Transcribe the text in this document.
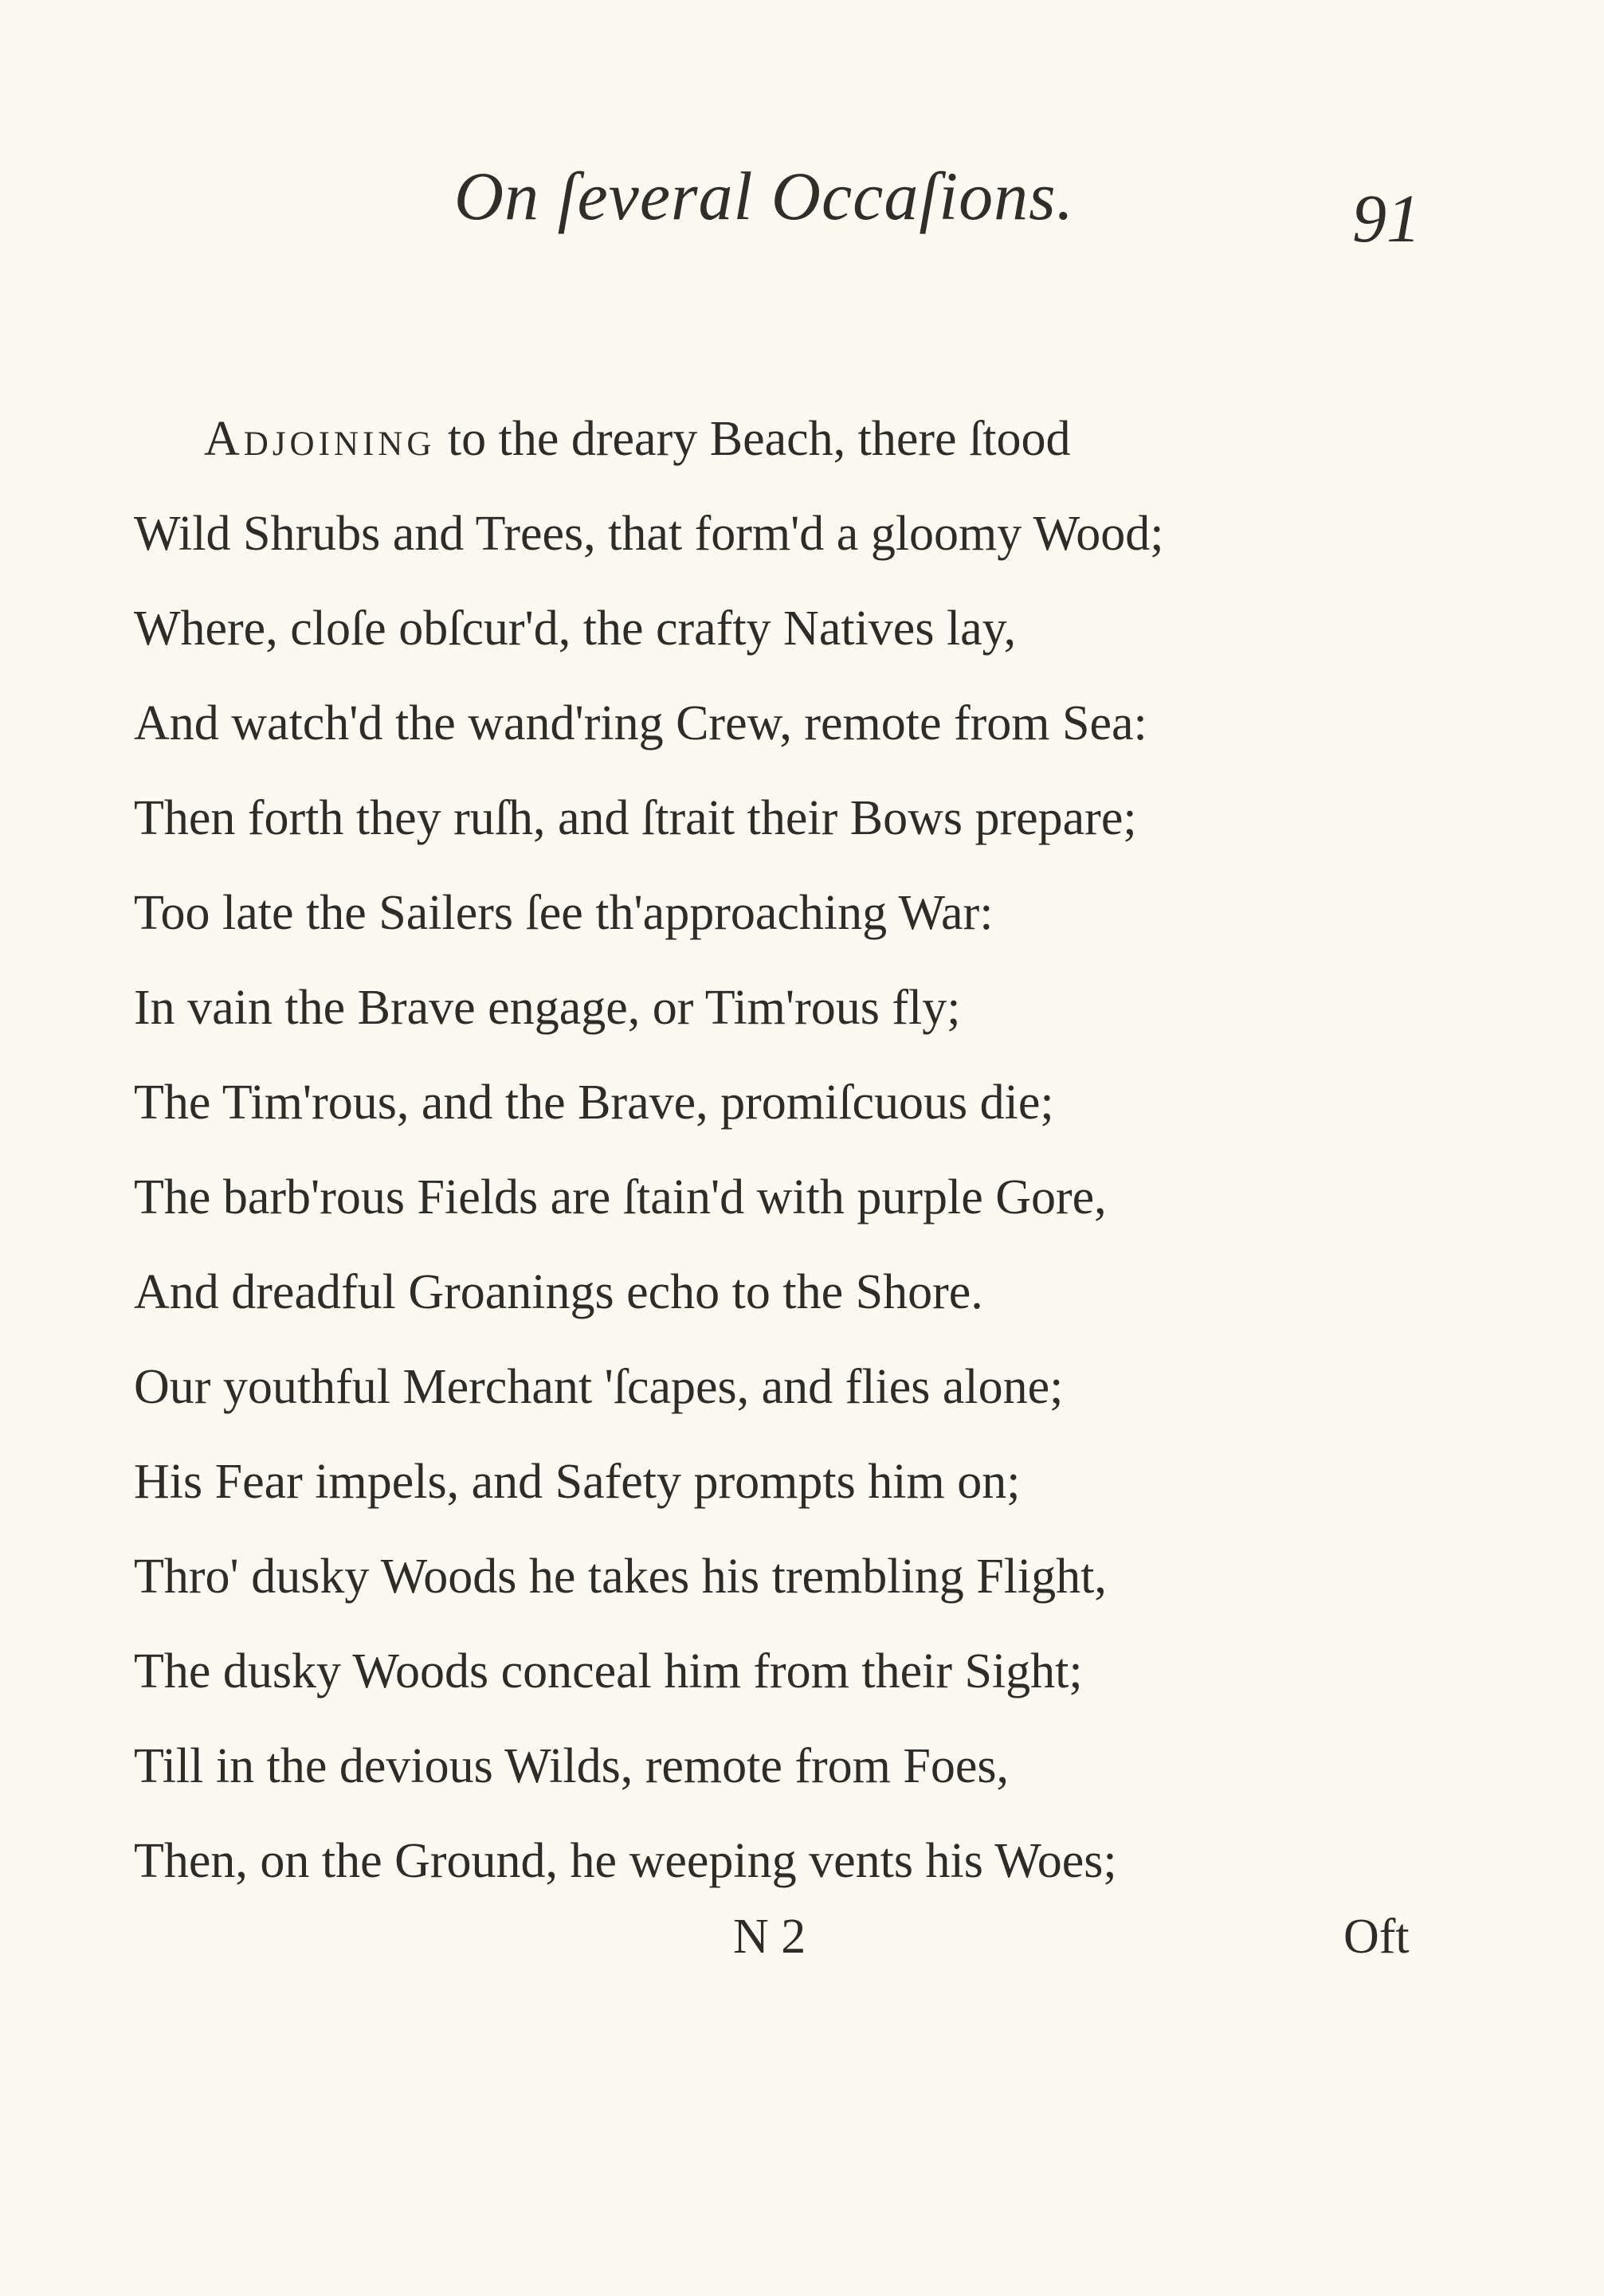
On ſeveral Occaſions.	91
Adjoining to the dreary Beach, there ſtood
Wild Shrubs and Trees, that form'd a gloomy Wood;
Where, cloſe obſcur'd, the crafty Natives lay,
And watch'd the wand'ring Crew, remote from Sea:
Then forth they ruſh, and ſtrait their Bows prepare;
Too late the Sailers ſee th'approaching War:
In vain the Brave engage, or Tim'rous fly;
The Tim'rous, and the Brave, promiſcuous die;
The barb'rous Fields are ſtain'd with purple Gore,
And dreadful Groanings echo to the Shore.
Our youthful Merchant 'ſcapes, and flies alone;
His Fear impels, and Safety prompts him on;
Thro' dusky Woods he takes his trembling Flight,
The dusky Woods conceal him from their Sight;
Till in the devious Wilds, remote from Foes,
Then, on the Ground, he weeping vents his Woes;
N 2	Oft
